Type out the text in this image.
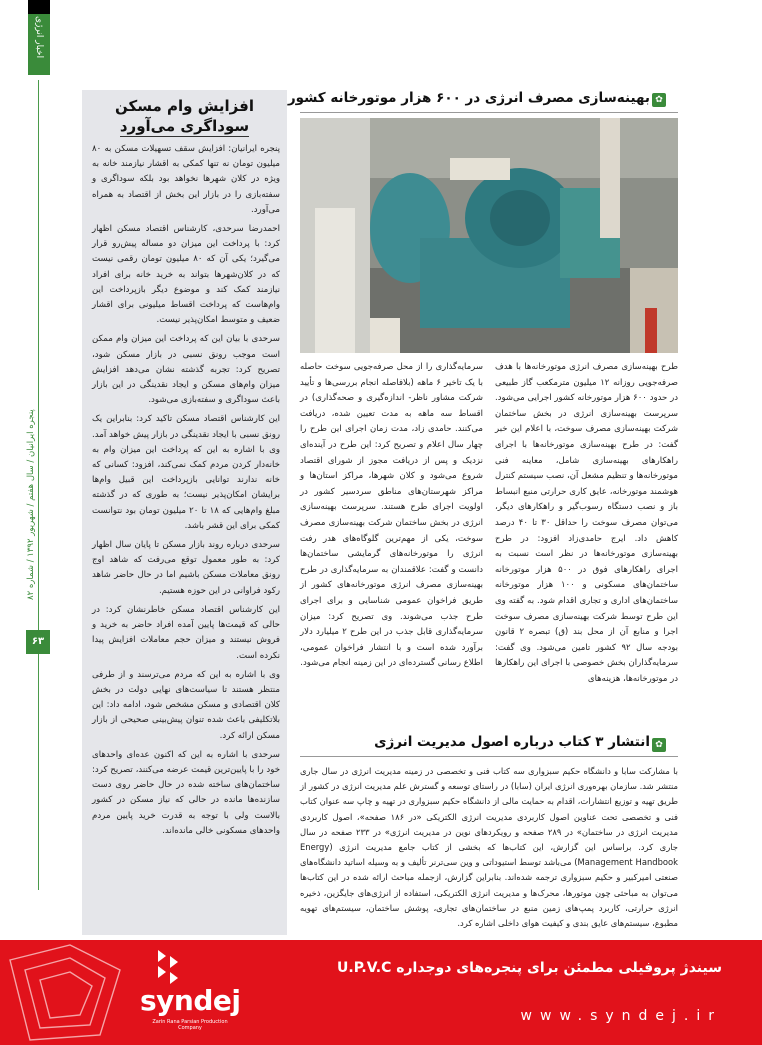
اخبار انرژی
پنجره ایرانیان / سال هفتم / شهریور ۱۳۹۲ / شماره ۸۲
۶۳
افزایش وام مسکن
سوداگری می‌آورد

پنجره ایرانیان: افزایش سقف تسهیلات مسکن به ۸۰ میلیون تومان نه تنها کمکی به اقشار نیازمند خانه به ویژه در کلان شهرها نخواهد بود بلکه سوداگری و سفته‌بازی را در بازار این بخش از اقتصاد به همراه می‌آورد.

احمدرضا سرحدی، کارشناس اقتصاد مسکن اظهار کرد: با پرداخت این میزان دو مساله پیش‌رو قرار می‌گیرد؛ یکی آن که ۸۰ میلیون تومان رقمی نیست که در کلان‌شهرها بتواند به خرید خانه برای افراد نیازمند کمک کند و موضوع دیگر بازپرداخت این وام‌هاست که پرداخت اقساط میلیونی برای اقشار ضعیف و متوسط امکان‌پذیر نیست.

سرحدی با بیان این که پرداخت این میزان وام ممکن است موجب رونق نسبی در بازار مسکن شود، تصریح کرد: تجربه گذشته نشان می‌دهد افزایش میزان وام‌های مسکن و ایجاد نقدینگی در این بازار باعث سوداگری و سفته‌بازی می‌شود.

این کارشناس اقتصاد مسکن تاکید کرد: بنابراین یک رونق نسبی با ایجاد نقدینگی در بازار پیش خواهد آمد. وی با اشاره به این که پرداخت این میزان وام به خانه‌دار کردن مردم کمک نمی‌کند، افزود: کسانی که خانه ندارند توانایی بازپرداخت این قبیل وام‌ها برایشان امکان‌پذیر نیست؛ به طوری که در گذشته مبلغ وام‌هایی که ۱۸ تا ۲۰ میلیون تومان بود نتوانست کمکی برای این قشر باشد.

سرحدی درباره روند بازار مسکن تا پایان سال اظهار کرد: به طور معمول توقع می‌رفت که شاهد اوج رونق معاملات مسکن باشیم اما در حال حاضر شاهد رکود فراوانی در این حوزه هستیم.

این کارشناس اقتصاد مسکن خاطرنشان کرد: در حالی که قیمت‌ها پایین آمده افراد حاضر به خرید و فروش نیستند و میزان حجم معاملات افزایش پیدا نکرده است.

وی با اشاره به این که مردم می‌ترسند و از طرفی منتظر هستند تا سیاست‌های نهایی دولت در بخش کلان اقتصادی و مسکن مشخص شود، ادامه داد: این بلاتکلیفی باعث شده تنوان پیش‌بینی صحیحی از بازار مسکن ارائه کرد.

سرحدی با اشاره به این که اکنون عده‌ای واحدهای خود را با پایین‌ترین قیمت عرضه می‌کنند، تصریح کرد: ساختمان‌های ساخته شده در حال حاضر روی دست سازنده‌ها مانده در حالی که نیاز مسکن در کشور بالاست ولی با توجه به قدرت خرید پایین مردم واحدهای مسکونی خالی مانده‌اند.

✿
بهینه‌سازی مصرف انرژی در ۶۰۰ هزار موتورخانه کشور
طرح بهینه‌سازی مصرف انرژی موتورخانه‌ها با هدف صرفه‌جویی روزانه ۱۲ میلیون مترمکعب گاز طبیعی در حدود ۶۰۰ هزار موتورخانه کشور اجرایی می‌شود. سرپرست بهینه‌سازی انرژی در بخش ساختمان شرکت بهینه‌سازی مصرف سوخت، با اعلام این خبر گفت: در طرح بهینه‌سازی موتورخانه‌ها با اجرای راهکارهای بهینه‌سازی شامل، معاینه فنی موتورخانه‌ها و تنظیم مشعل آن، نصب سیستم کنترل هوشمند موتورخانه، عایق کاری حرارتی منبع انبساط باز و نصب دستگاه رسوب‌گیر و راهکارهای دیگر، می‌توان مصرف سوخت را حداقل ۳۰ تا ۴۰ درصد کاهش داد. ایرج حامدی‌زاد افزود: در طرح بهینه‌سازی موتورخانه‌ها در نظر است نسبت به اجرای راهکارهای فوق در ۵۰۰ هزار موتورخانه ساختمان‌های مسکونی و ۱۰۰ هزار موتورخانه ساختمان‌های اداری و تجاری اقدام شود. به گفته وی این طرح توسط شرکت بهینه‌سازی مصرف سوخت اجرا و منابع آن از محل بند (ق) تبصره ۲ قانون بودجه سال ۹۲ کشور تامین می‌شود. وی گفت: سرمایه‌گذاران بخش خصوصی با اجرای این راهکارها در موتورخانه‌ها، هزینه‌های
سرمایه‌گذاری را از محل صرفه‌جویی سوخت حاصله با یک تاخیر ۶ ماهه (بلافاصله انجام بررسی‌ها و تأیید شرکت مشاور ناظر- اندازه‌گیری و صحه‌گذاری) در اقساط سه ماهه به مدت تعیین شده، دریافت می‌کنند. حامدی زاد، مدت زمان اجرای این طرح را چهار سال اعلام و تصریح کرد: این طرح در آینده‌ای نزدیک و پس از دریافت مجوز از شورای اقتصاد شروع می‌شود و کلان شهرها، مراکز استان‌ها و مراکز شهرستان‌های مناطق سردسیر کشور در اولویت اجرای طرح هستند. سرپرست بهینه‌سازی انرژی در بخش ساختمان شرکت بهینه‌سازی مصرف سوخت، یکی از مهم‌ترین گلوگاه‌های هدر رفت انرژی را موتورخانه‌های گرمایشی ساختمان‌ها دانست و گفت: علاقمندان به سرمایه‌گذاری در طرح بهینه‌سازی مصرف انرژی موتورخانه‌های کشور از طریق فراخوان عمومی شناسایی و برای اجرای طرح جذب می‌شوند. وی تصریح کرد: میزان سرمایه‌گذاری قابل جذب در این طرح ۲ میلیارد دلار برآورد شده است و با انتشار فراخوان عمومی، اطلاع رسانی گسترده‌ای در این زمینه انجام می‌شود.
✿
انتشار ۳ کتاب درباره اصول مدیریت انرژی
با مشارکت سابا و دانشگاه حکیم سبزواری سه کتاب فنی و تخصصی در زمینه مدیریت انرژی در سال جاری منتشر شد. سازمان بهره‌وری انرژی ایران (سابا) در راستای توسعه و گسترش علم مدیریت انرژی در کشور از طریق تهیه و توزیع انتشارات، اقدام به حمایت مالی از دانشگاه حکیم سبزواری در تهیه و چاپ سه عنوان کتاب فنی و تخصصی تحت عناوین اصول کاربردی مدیریت انرژی الکتریکی «در ۱۸۶ صفحه»، اصول کاربردی مدیریت انرژی در ساختمان» در ۲۸۹ صفحه و رویکردهای نوین در مدیریت انرژی» در ۲۳۳ صفحه در سال جاری کرد. براساس این گزارش، این کتاب‌ها که بخشی از کتاب جامع مدیریت انرژی (Energy Management Handbook) می‌باشد توسط استیوداتی و وین سی‌ترنر تألیف و به وسیله اساتید دانشگاه‌های صنعتی امیرکبیر و حکیم سبزواری ترجمه شده‌اند. بنابراین گزارش، ازجمله مباحث ارائه شده در این کتاب‌ها می‌توان به مباحثی چون موتورها، محرک‌ها و مدیریت انرژی الکتریکی، استفاده از انرژی‌های جایگزین، ذخیره انرژی حرارتی، کاربرد پمپ‌های زمین منبع در ساختمان‌های تجاری، پوشش ساختمان، سیستم‌های تهویه مطبوع، سیستم‌های عایق بندی و کیفیت هوای داخلی اشاره کرد.
syndej
Zarin Rana Parsian Production Company
سیندژ پروفیلی مطمئن برای پنجره‌های دوجداره U.P.V.C
www.syndej.ir
